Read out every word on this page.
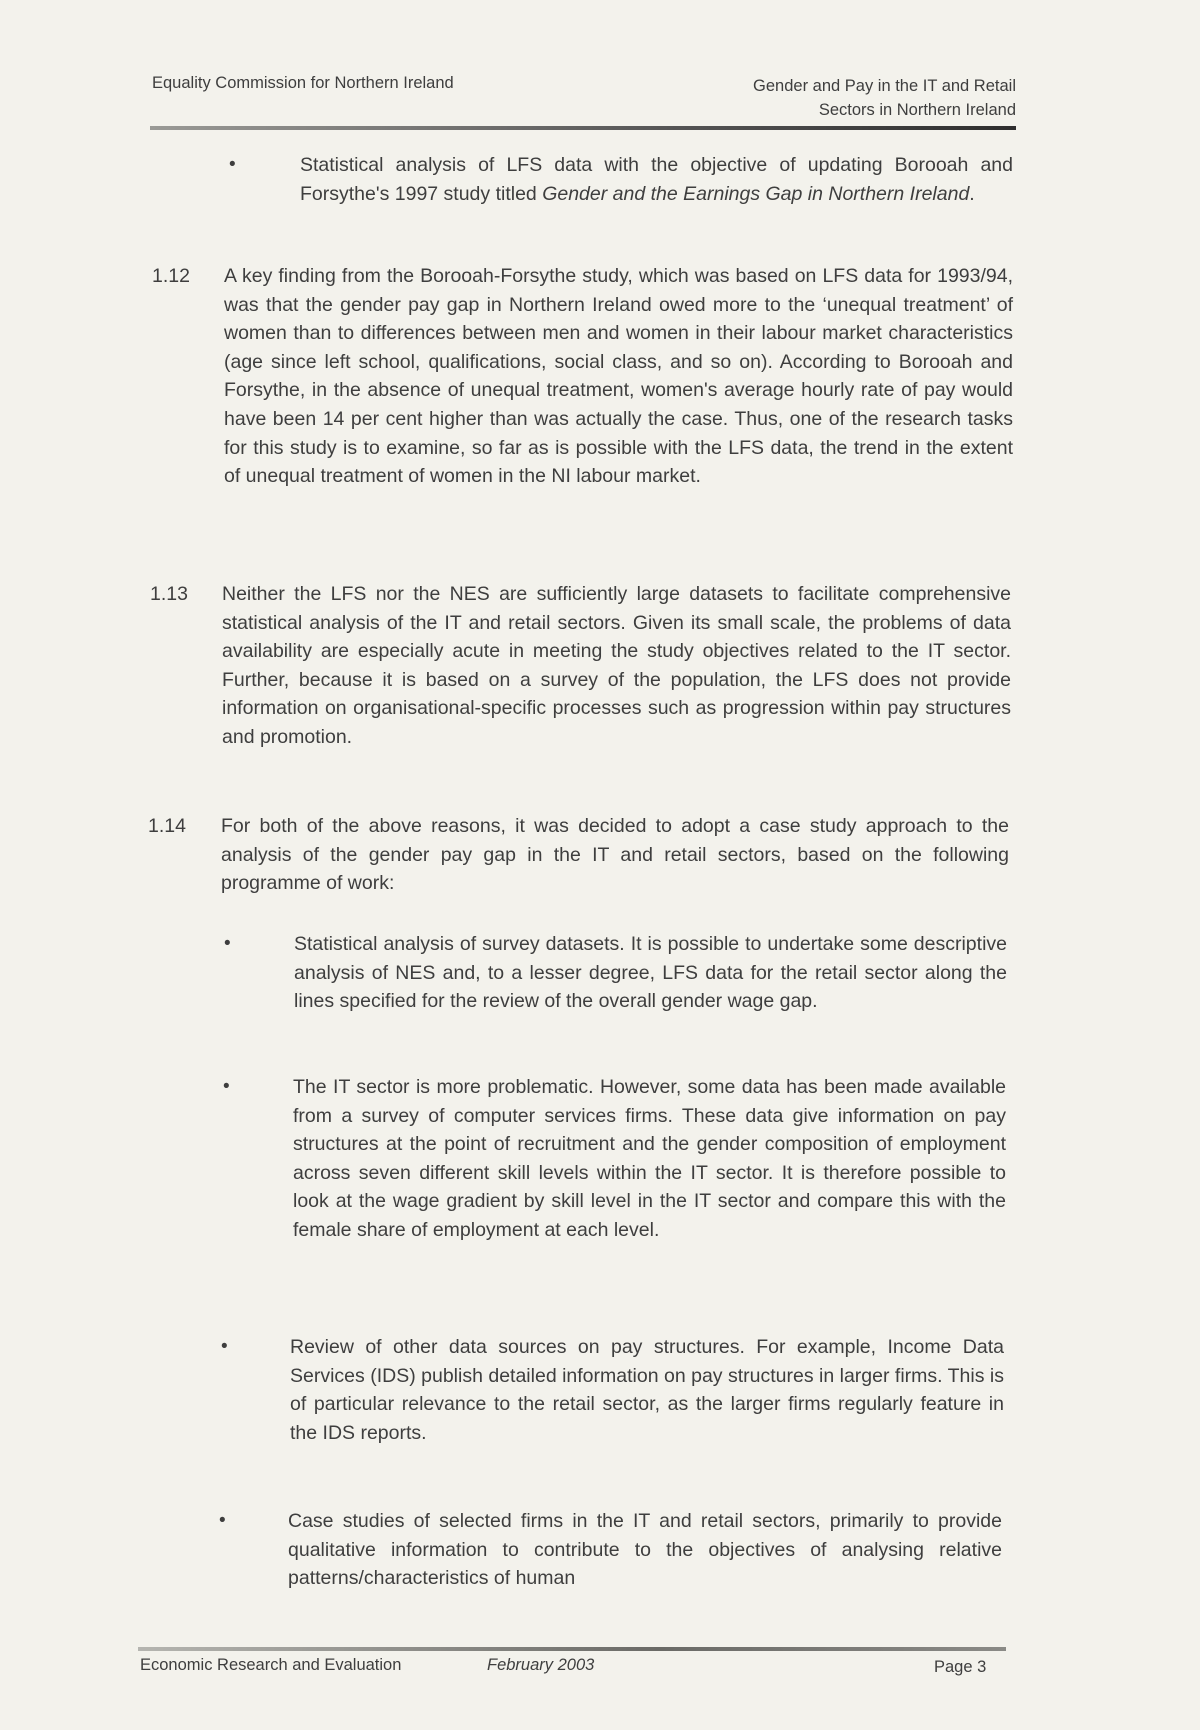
Equality Commission for Northern Ireland	Gender and Pay in the IT and Retail
Sectors in Northern Ireland
•	Statistical analysis of LFS data with the objective of updating Borooah and Forsythe's 1997 study titled Gender and the Earnings Gap in Northern Ireland.
1.12 A key finding from the Borooah-Forsythe study, which was based on LFS data for 1993/94, was that the gender pay gap in Northern Ireland owed more to the ‘unequal treatment’ of women than to differences between men and women in their labour market characteristics (age since left school, qualifications, social class, and so on). According to Borooah and Forsythe, in the absence of unequal treatment, women's average hourly rate of pay would have been 14 per cent higher than was actually the case. Thus, one of the research tasks for this study is to examine, so far as is possible with the LFS data, the trend in the extent of unequal treatment of women in the NI labour market.
1.13 Neither the LFS nor the NES are sufficiently large datasets to facilitate comprehensive statistical analysis of the IT and retail sectors. Given its small scale, the problems of data availability are especially acute in meeting the study objectives related to the IT sector. Further, because it is based on a survey of the population, the LFS does not provide information on organisational-specific processes such as progression within pay structures and promotion.
1.14 For both of the above reasons, it was decided to adopt a case study approach to the analysis of the gender pay gap in the IT and retail sectors, based on the following programme of work:
•	Statistical analysis of survey datasets. It is possible to undertake some descriptive analysis of NES and, to a lesser degree, LFS data for the retail sector along the lines specified for the review of the overall gender wage gap.
•	The IT sector is more problematic. However, some data has been made available from a survey of computer services firms. These data give information on pay structures at the point of recruitment and the gender composition of employment across seven different skill levels within the IT sector. It is therefore possible to look at the wage gradient by skill level in the IT sector and compare this with the female share of employment at each level.
•	Review of other data sources on pay structures. For example, Income Data Services (IDS) publish detailed information on pay structures in larger firms. This is of particular relevance to the retail sector, as the larger firms regularly feature in the IDS reports.
•	Case studies of selected firms in the IT and retail sectors, primarily to provide qualitative information to contribute to the objectives of analysing relative patterns/characteristics of human
Economic Research and Evaluation	February 2003	Page 3
